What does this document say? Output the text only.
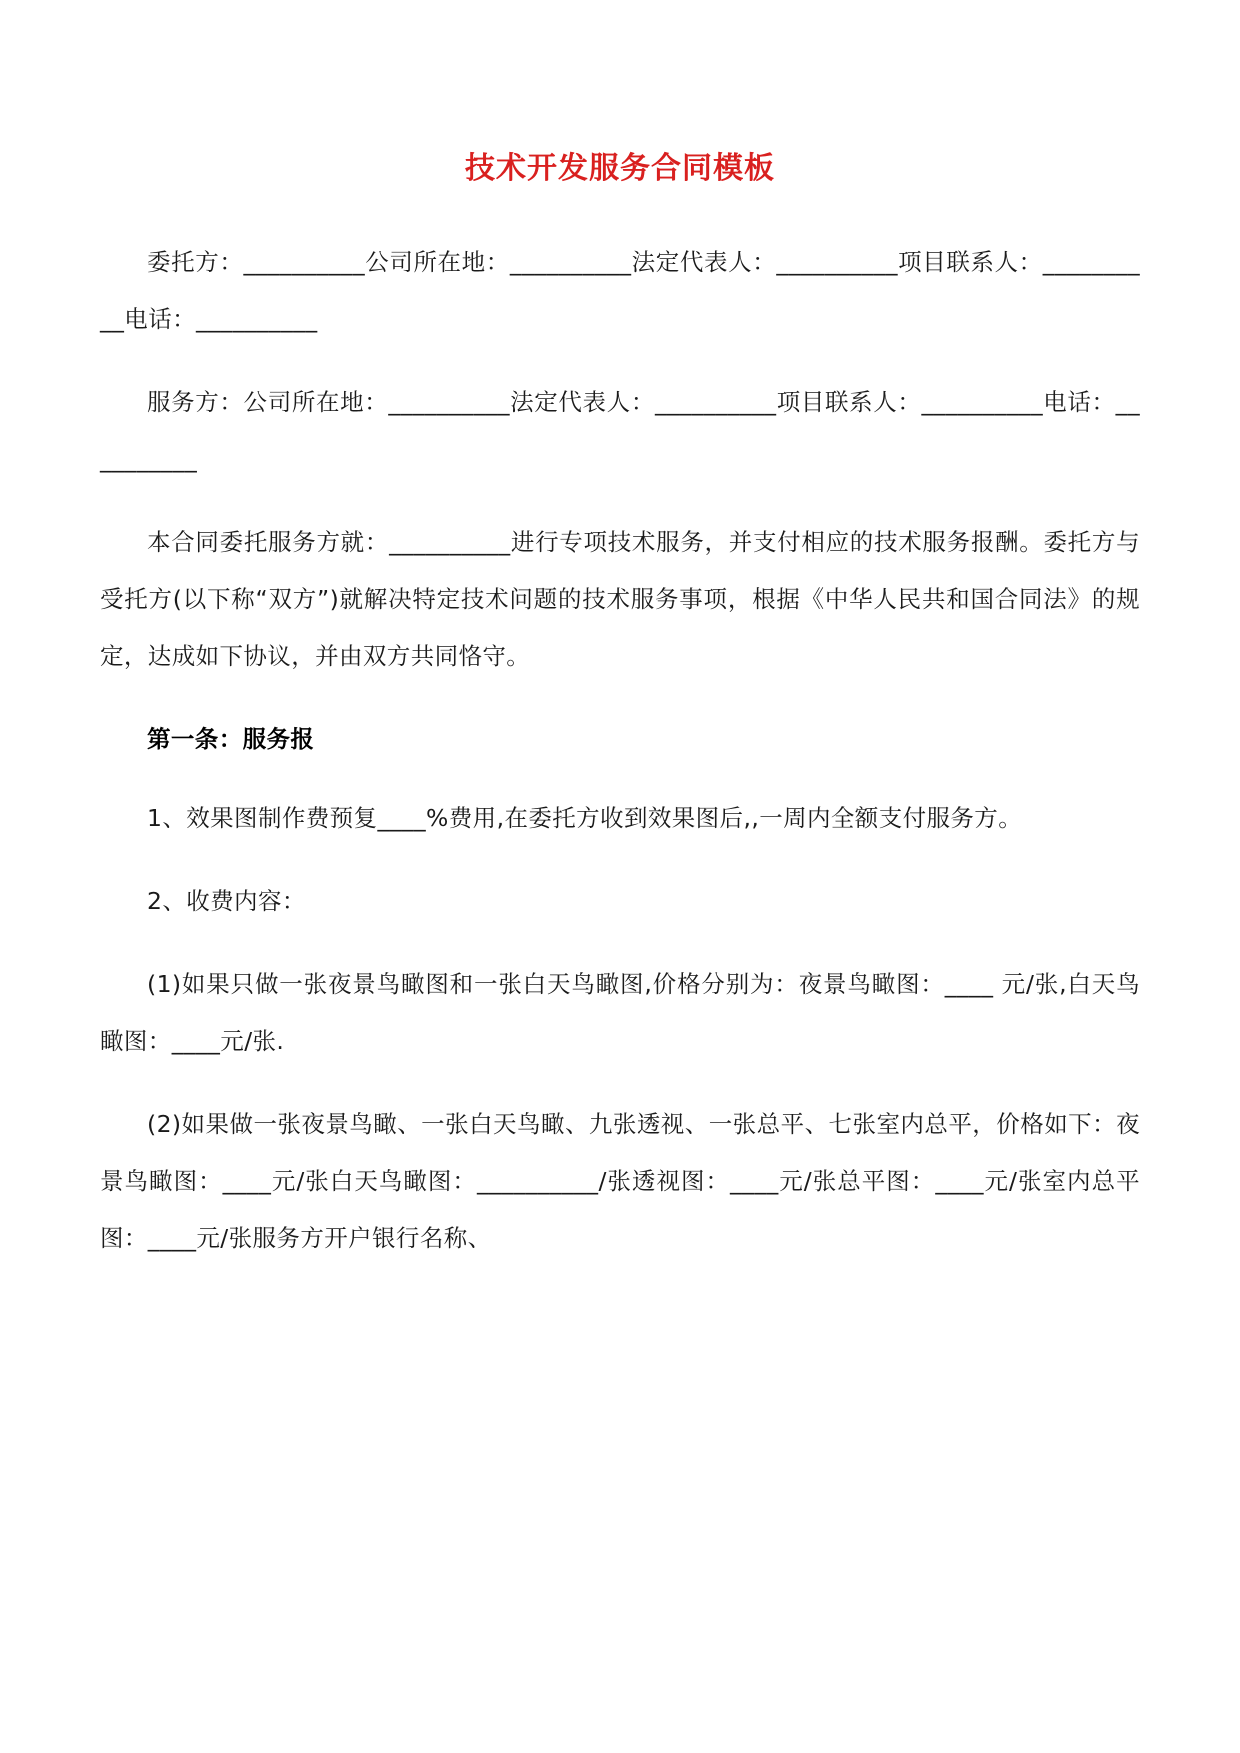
技术开发服务合同模板

委托方：__________公司所在地：__________法定代表人：__________项目联系人：__________电话：__________

服务方：公司所在地：__________法定代表人：__________项目联系人：__________电话：__________

本合同委托服务方就：__________进行专项技术服务，并支付相应的技术服务报酬。委托方与受托方(以下称“双方”)就解决特定技术问题的技术服务事项，根据《中华人民共和国合同法》的规定，达成如下协议，并由双方共同恪守。

第一条：服务报

1、效果图制作费预复____%费用,在委托方收到效果图后,,一周内全额支付服务方。

2、收费内容：

(1)如果只做一张夜景鸟瞰图和一张白天鸟瞰图,价格分别为：夜景鸟瞰图：____ 元/张,白天鸟瞰图：____元/张.

(2)如果做一张夜景鸟瞰、一张白天鸟瞰、九张透视、一张总平、七张室内总平，价格如下：夜景鸟瞰图：____元/张白天鸟瞰图：__________/张透视图：____元/张总平图：____元/张室内总平图：____元/张服务方开户银行名称、
